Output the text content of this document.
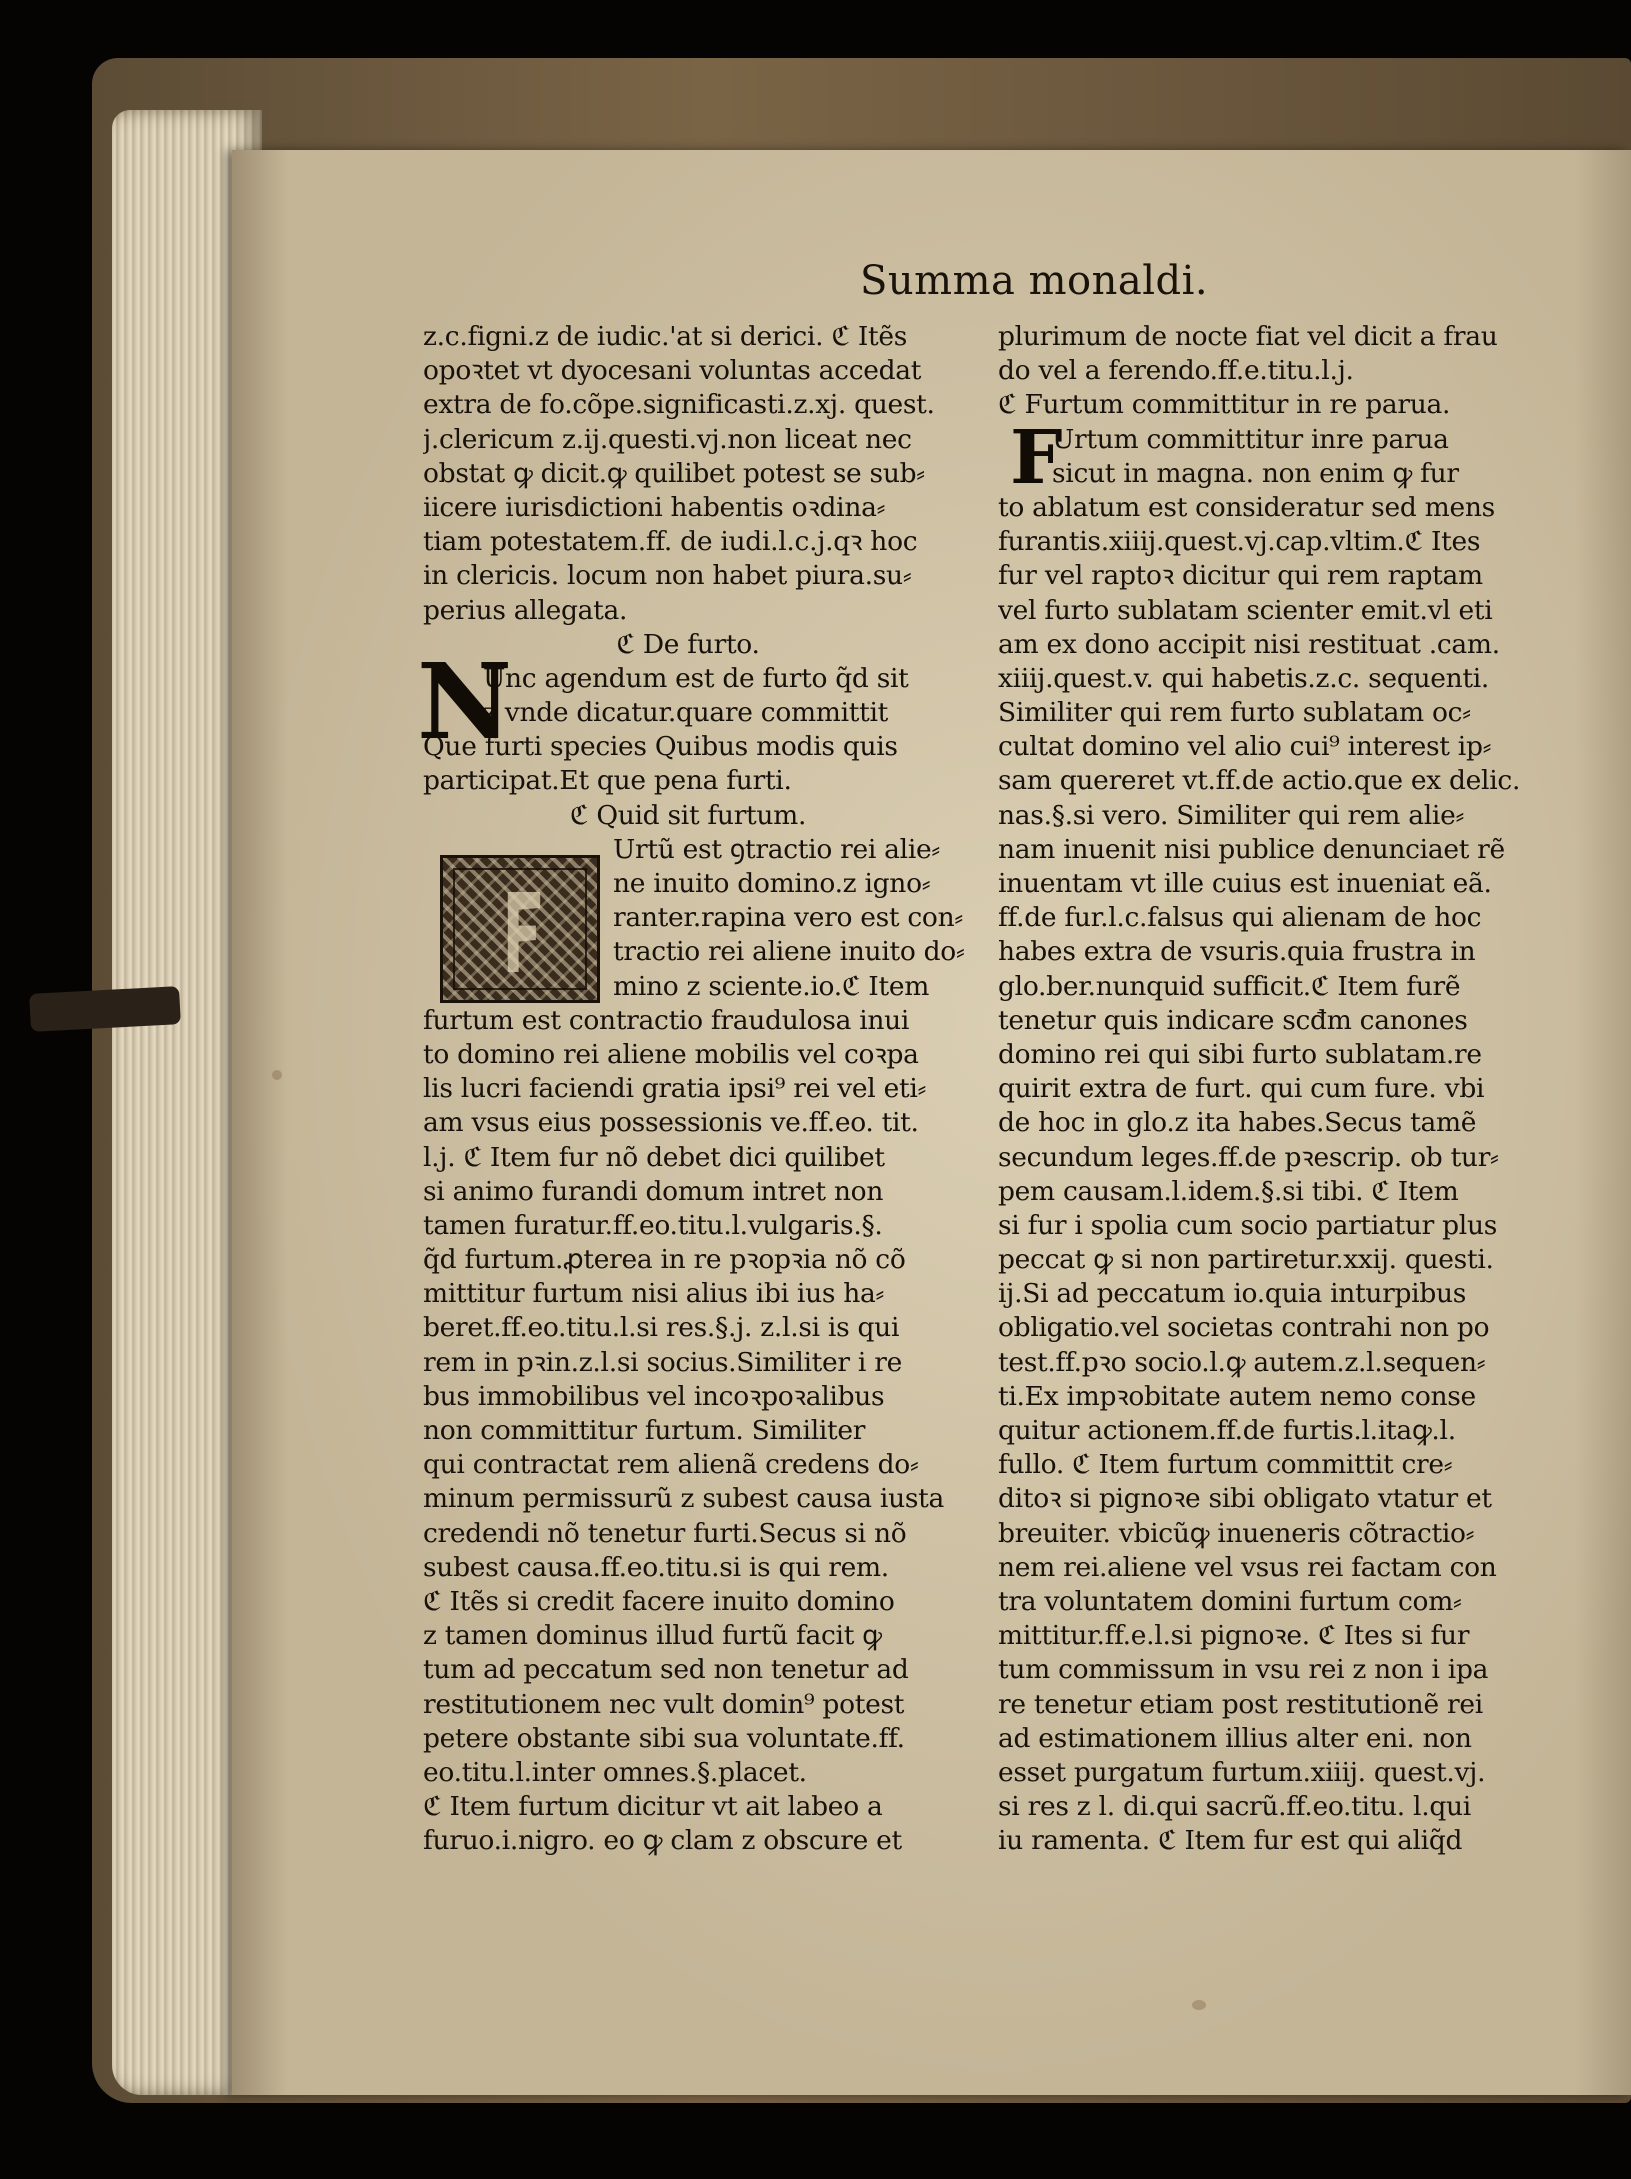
Summa monaldi.
F
z.c.figni.z de iudic.'at si derici. ℭ Itẽs
opoꝛtet vt dyocesani voluntas accedat
extra de fo.cõpe.significasti.z.xj. quest.
j.clericum z.ij.questi.vj.non liceat nec
obstat ꝙ dicit.ꝙ quilibet potest se sub⸗
iicere iurisdictioni habentis oꝛdina⸗
tiam potestatem.ff. de iudi.l.c.j.qꝛ hoc
in clericis. locum non habet piura.su⸗
perius allegata.
ℭ De furto.
Unc agendum est de furto q̃d sit
z vnde dicatur.quare committit
Que furti species Quibus modis quis
participat.Et que pena furti.
ℭ Quid sit furtum.
Urtũ est ꝯtractio rei alie⸗
ne inuito domino.z igno⸗
ranter.rapina vero est con⸗
tractio rei aliene inuito do⸗
mino z sciente.io.ℭ Item
furtum est contractio fraudulosa inui
to domino rei aliene mobilis vel coꝛpa
lis lucri faciendi gratia ipsi⁹ rei vel eti⸗
am vsus eius possessionis ve.ff.eo. tit.
l.j. ℭ Item fur nõ debet dici quilibet
si animo furandi domum intret non
tamen furatur.ff.eo.titu.l.vulgaris.§.
q̃d furtum.ꝓterea in re pꝛopꝛia nõ cõ
mittitur furtum nisi alius ibi ius ha⸗
beret.ff.eo.titu.l.si res.§.j. z.l.si is qui
rem in pꝛin.z.l.si socius.Similiter i re
bus immobilibus vel incoꝛpoꝛalibus
non committitur furtum. Similiter
qui contractat rem alienã credens do⸗
minum permissurũ z subest causa iusta
credendi nõ tenetur furti.Secus si nõ
subest causa.ff.eo.titu.si is qui rem.
ℭ Itẽs si credit facere inuito domino
z tamen dominus illud furtũ facit ꝙ
tum ad peccatum sed non tenetur ad
restitutionem nec vult domin⁹ potest
petere obstante sibi sua voluntate.ff.
eo.titu.l.inter omnes.§.placet.
ℭ Item furtum dicitur vt ait labeo a
furuo.i.nigro. eo ꝙ clam z obscure et
N
plurimum de nocte fiat vel dicit a frau
do vel a ferendo.ff.e.titu.l.j.
ℭ Furtum committitur in re parua.
Urtum committitur inre parua
sicut in magna. non enim ꝙ fur
to ablatum est consideratur sed mens
furantis.xiiij.quest.vj.cap.vltim.ℭ Ites
fur vel raptoꝛ dicitur qui rem raptam
vel furto sublatam scienter emit.vl eti
am ex dono accipit nisi restituat .cam.
xiiij.quest.v. qui habetis.z.c. sequenti.
Similiter qui rem furto sublatam oc⸗
cultat domino vel alio cui⁹ interest ip⸗
sam quereret vt.ff.de actio.que ex delic.
nas.§.si vero. Similiter qui rem alie⸗
nam inuenit nisi publice denunciaet rẽ
inuentam vt ille cuius est inueniat eã.
ff.de fur.l.c.falsus qui alienam de hoc
habes extra de vsuris.quia frustra in
glo.ber.nunquid sufficit.ℭ Item furẽ
tenetur quis indicare scđm canones
domino rei qui sibi furto sublatam.re
quirit extra de furt. qui cum fure. vbi
de hoc in glo.z ita habes.Secus tamẽ
secundum leges.ff.de pꝛescrip. ob tur⸗
pem causam.l.idem.§.si tibi. ℭ Item
si fur i spolia cum socio partiatur plus
peccat ꝙ si non partiretur.xxij. questi.
ij.Si ad peccatum io.quia inturpibus
obligatio.vel societas contrahi non po
test.ff.pꝛo socio.l.ꝙ autem.z.l.sequen⸗
ti.Ex impꝛobitate autem nemo conse
quitur actionem.ff.de furtis.l.itaꝙ.l.
fullo. ℭ Item furtum committit cre⸗
ditoꝛ si pignoꝛe sibi obligato vtatur et
breuiter. vbicũꝙ inueneris cõtractio⸗
nem rei.aliene vel vsus rei factam con
tra voluntatem domini furtum com⸗
mittitur.ff.e.l.si pignoꝛe. ℭ Ites si fur
tum commissum in vsu rei z non i ipa
re tenetur etiam post restitutionẽ rei
ad estimationem illius alter eni. non
esset purgatum furtum.xiiij. quest.vj.
si res z l. di.qui sacrũ.ff.eo.titu. l.qui
iu ramenta. ℭ Item fur est qui aliq̃d
